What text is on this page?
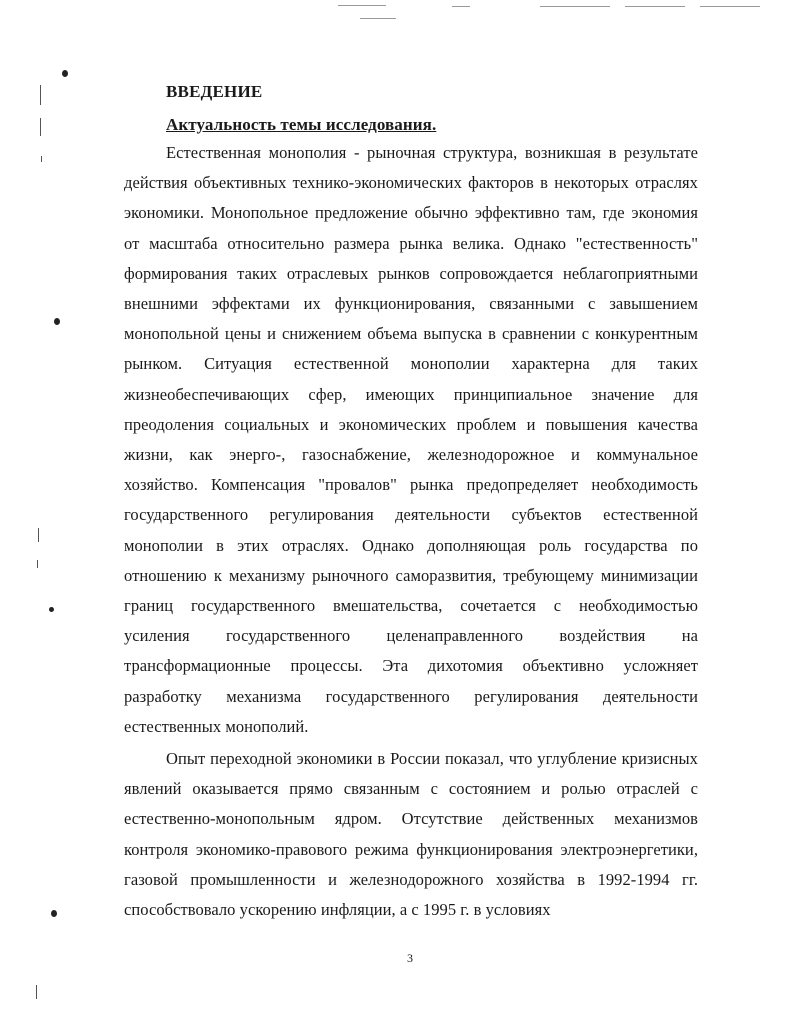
ВВЕДЕНИЕ
Актуальность темы исследования.

Естественная монополия - рыночная структура, возникшая в результате действия объективных технико-экономических факторов в некоторых отраслях экономики. Монопольное предложение обычно эффективно там, где экономия от масштаба относительно размера рынка велика. Однако "естественность" формирования таких отраслевых рынков сопровождается неблагоприятными внешними эффектами их функционирования, связанными с завышением монопольной цены и снижением объема выпуска в сравнении с конкурентным рынком. Ситуация естественной монополии характерна для таких жизнеобеспечивающих сфер, имеющих принципиальное значение для преодоления социальных и экономических проблем и повышения качества жизни, как энерго-, газоснабжение, железнодорожное и коммунальное хозяйство. Компенсация "провалов" рынка предопределяет необходимость государственного регулирования деятельности субъектов естественной монополии в этих отраслях. Однако дополняющая роль государства по отношению к механизму рыночного саморазвития, требующему минимизации границ государственного вмешательства, сочетается с необходимостью усиления государственного целенаправленного воздействия на трансформационные процессы. Эта дихотомия объективно усложняет разработку механизма государственного регулирования деятельности естественных монополий.

Опыт переходной экономики в России показал, что углубление кризисных явлений оказывается прямо связанным с состоянием и ролью отраслей с естественно-монопольным ядром. Отсутствие действенных механизмов контроля экономико-правового режима функционирования электроэнергетики, газовой промышленности и железнодорожного хозяйства в 1992-1994 гг. способствовало ускорению инфляции, а с 1995 г. в условиях

3
